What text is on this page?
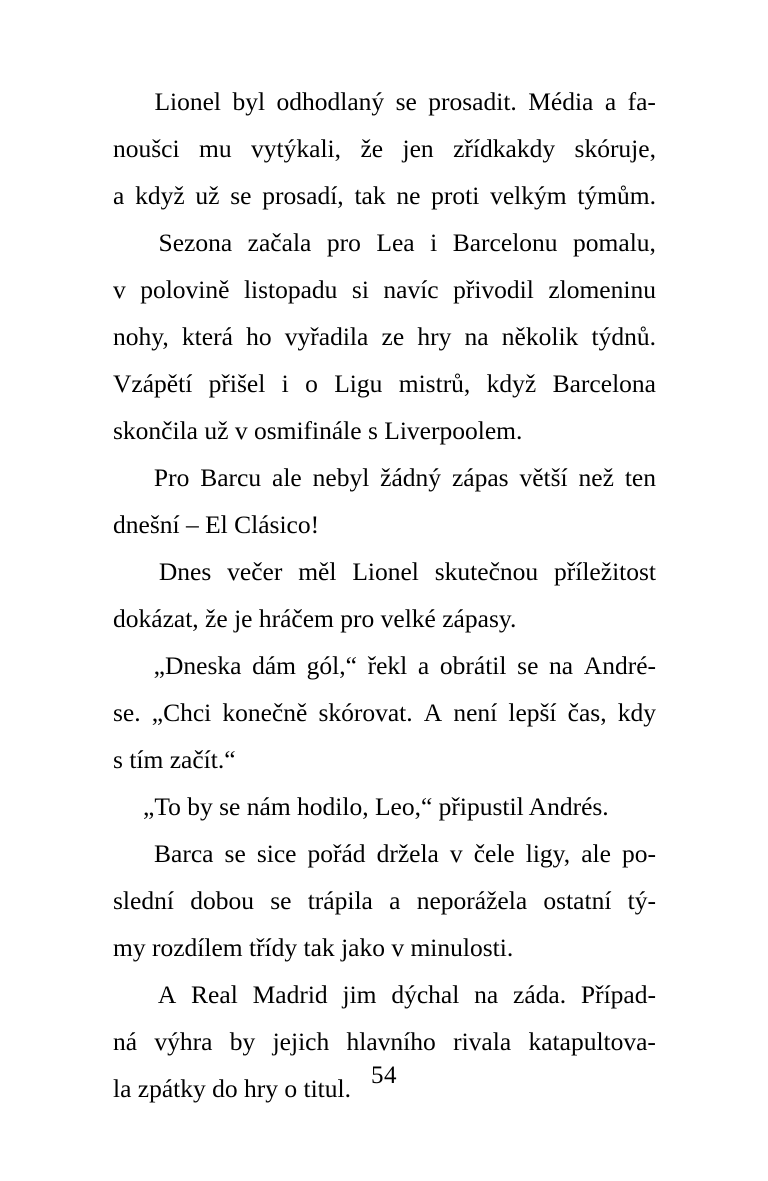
Lionel byl odhodlaný se prosadit. Média a fa-
noušci mu vytýkali, že jen zřídkakdy skóruje,
a když už se prosadí, tak ne proti velkým týmům.
Sezona začala pro Lea i Barcelonu pomalu,
v polovině listopadu si navíc přivodil zlomeninu
nohy, která ho vyřadila ze hry na několik týdnů.
Vzápětí přišel i o Ligu mistrů, když Barcelona
skončila už v osmifinále s Liverpoolem.
Pro Barcu ale nebyl žádný zápas větší než ten
dnešní – El Clásico!
Dnes večer měl Lionel skutečnou příležitost
dokázat, že je hráčem pro velké zápasy.
„Dneska dám gól,“ řekl a obrátil se na André-
se. „Chci konečně skórovat. A není lepší čas, kdy
s tím začít.“
„To by se nám hodilo, Leo,“ připustil Andrés.
Barca se sice pořád držela v čele ligy, ale po-
slední dobou se trápila a neporážela ostatní tý-
my rozdílem třídy tak jako v minulosti.
A Real Madrid jim dýchal na záda. Případ-
ná výhra by jejich hlavního rivala katapultova-
la zpátky do hry o titul. 54
